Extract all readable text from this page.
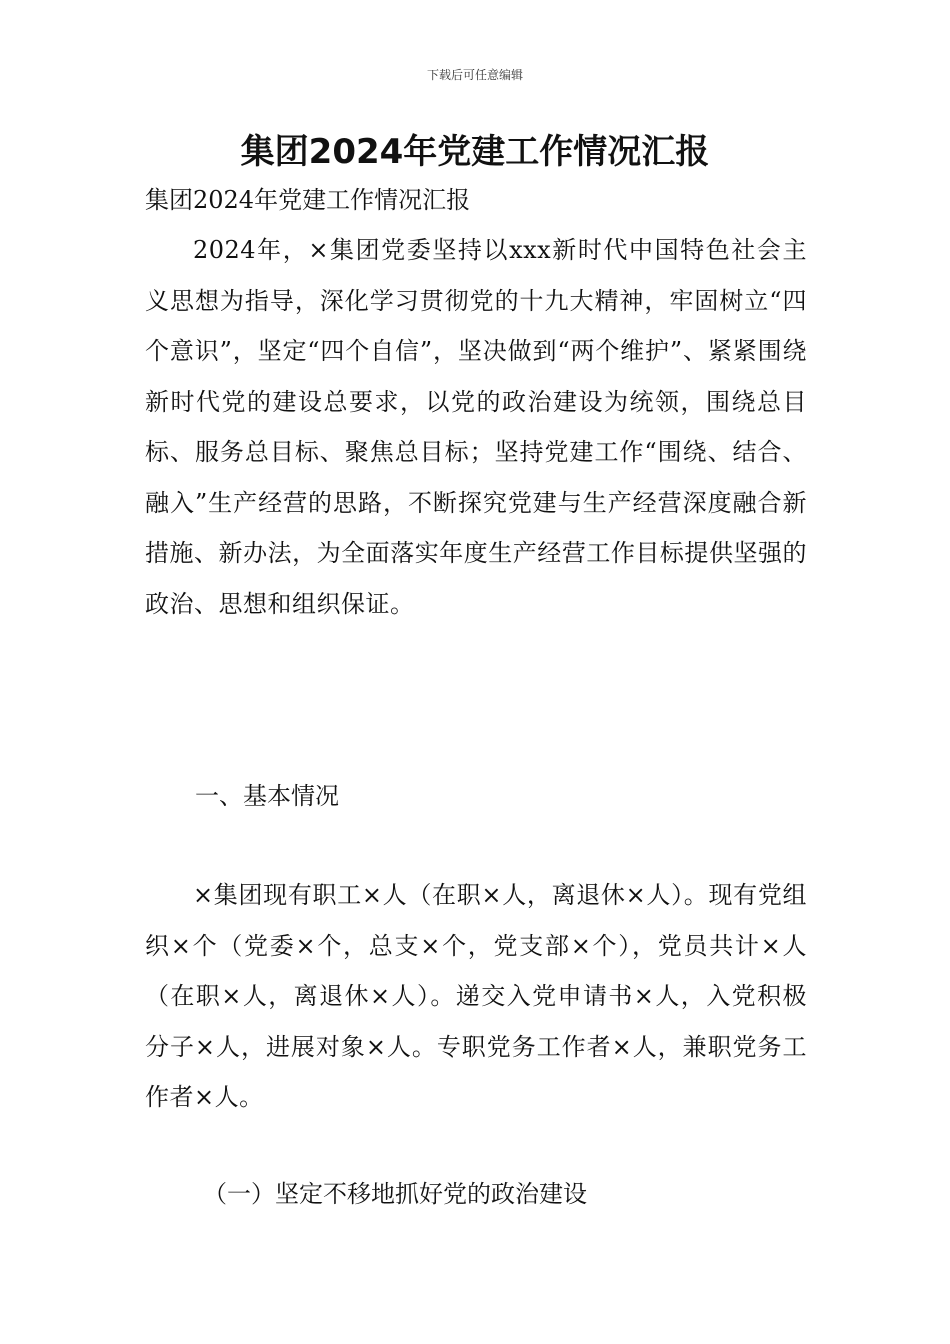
下载后可任意编辑
集团2024年党建工作情况汇报
集团2024年党建工作情况汇报

2024年，×集团党委坚持以xxx新时代中国特色社会主义思想为指导，深化学习贯彻党的十九大精神，牢固树立“四个意识”，坚定“四个自信”，坚决做到“两个维护”、紧紧围绕新时代党的建设总要求，以党的政治建设为统领，围绕总目标、服务总目标、聚焦总目标；坚持党建工作“围绕、结合、融入”生产经营的思路，不断探究党建与生产经营深度融合新措施、新办法，为全面落实年度生产经营工作目标提供坚强的政治、思想和组织保证。

一、基本情况

×集团现有职工×人（在职×人，离退休×人）。现有党组织×个（党委×个，总支×个，党支部×个），党员共计×人（在职×人，离退休×人）。递交入党申请书×人，入党积极分子×人，进展对象×人。专职党务工作者×人，兼职党务工作者×人。

（一）坚定不移地抓好党的政治建设
